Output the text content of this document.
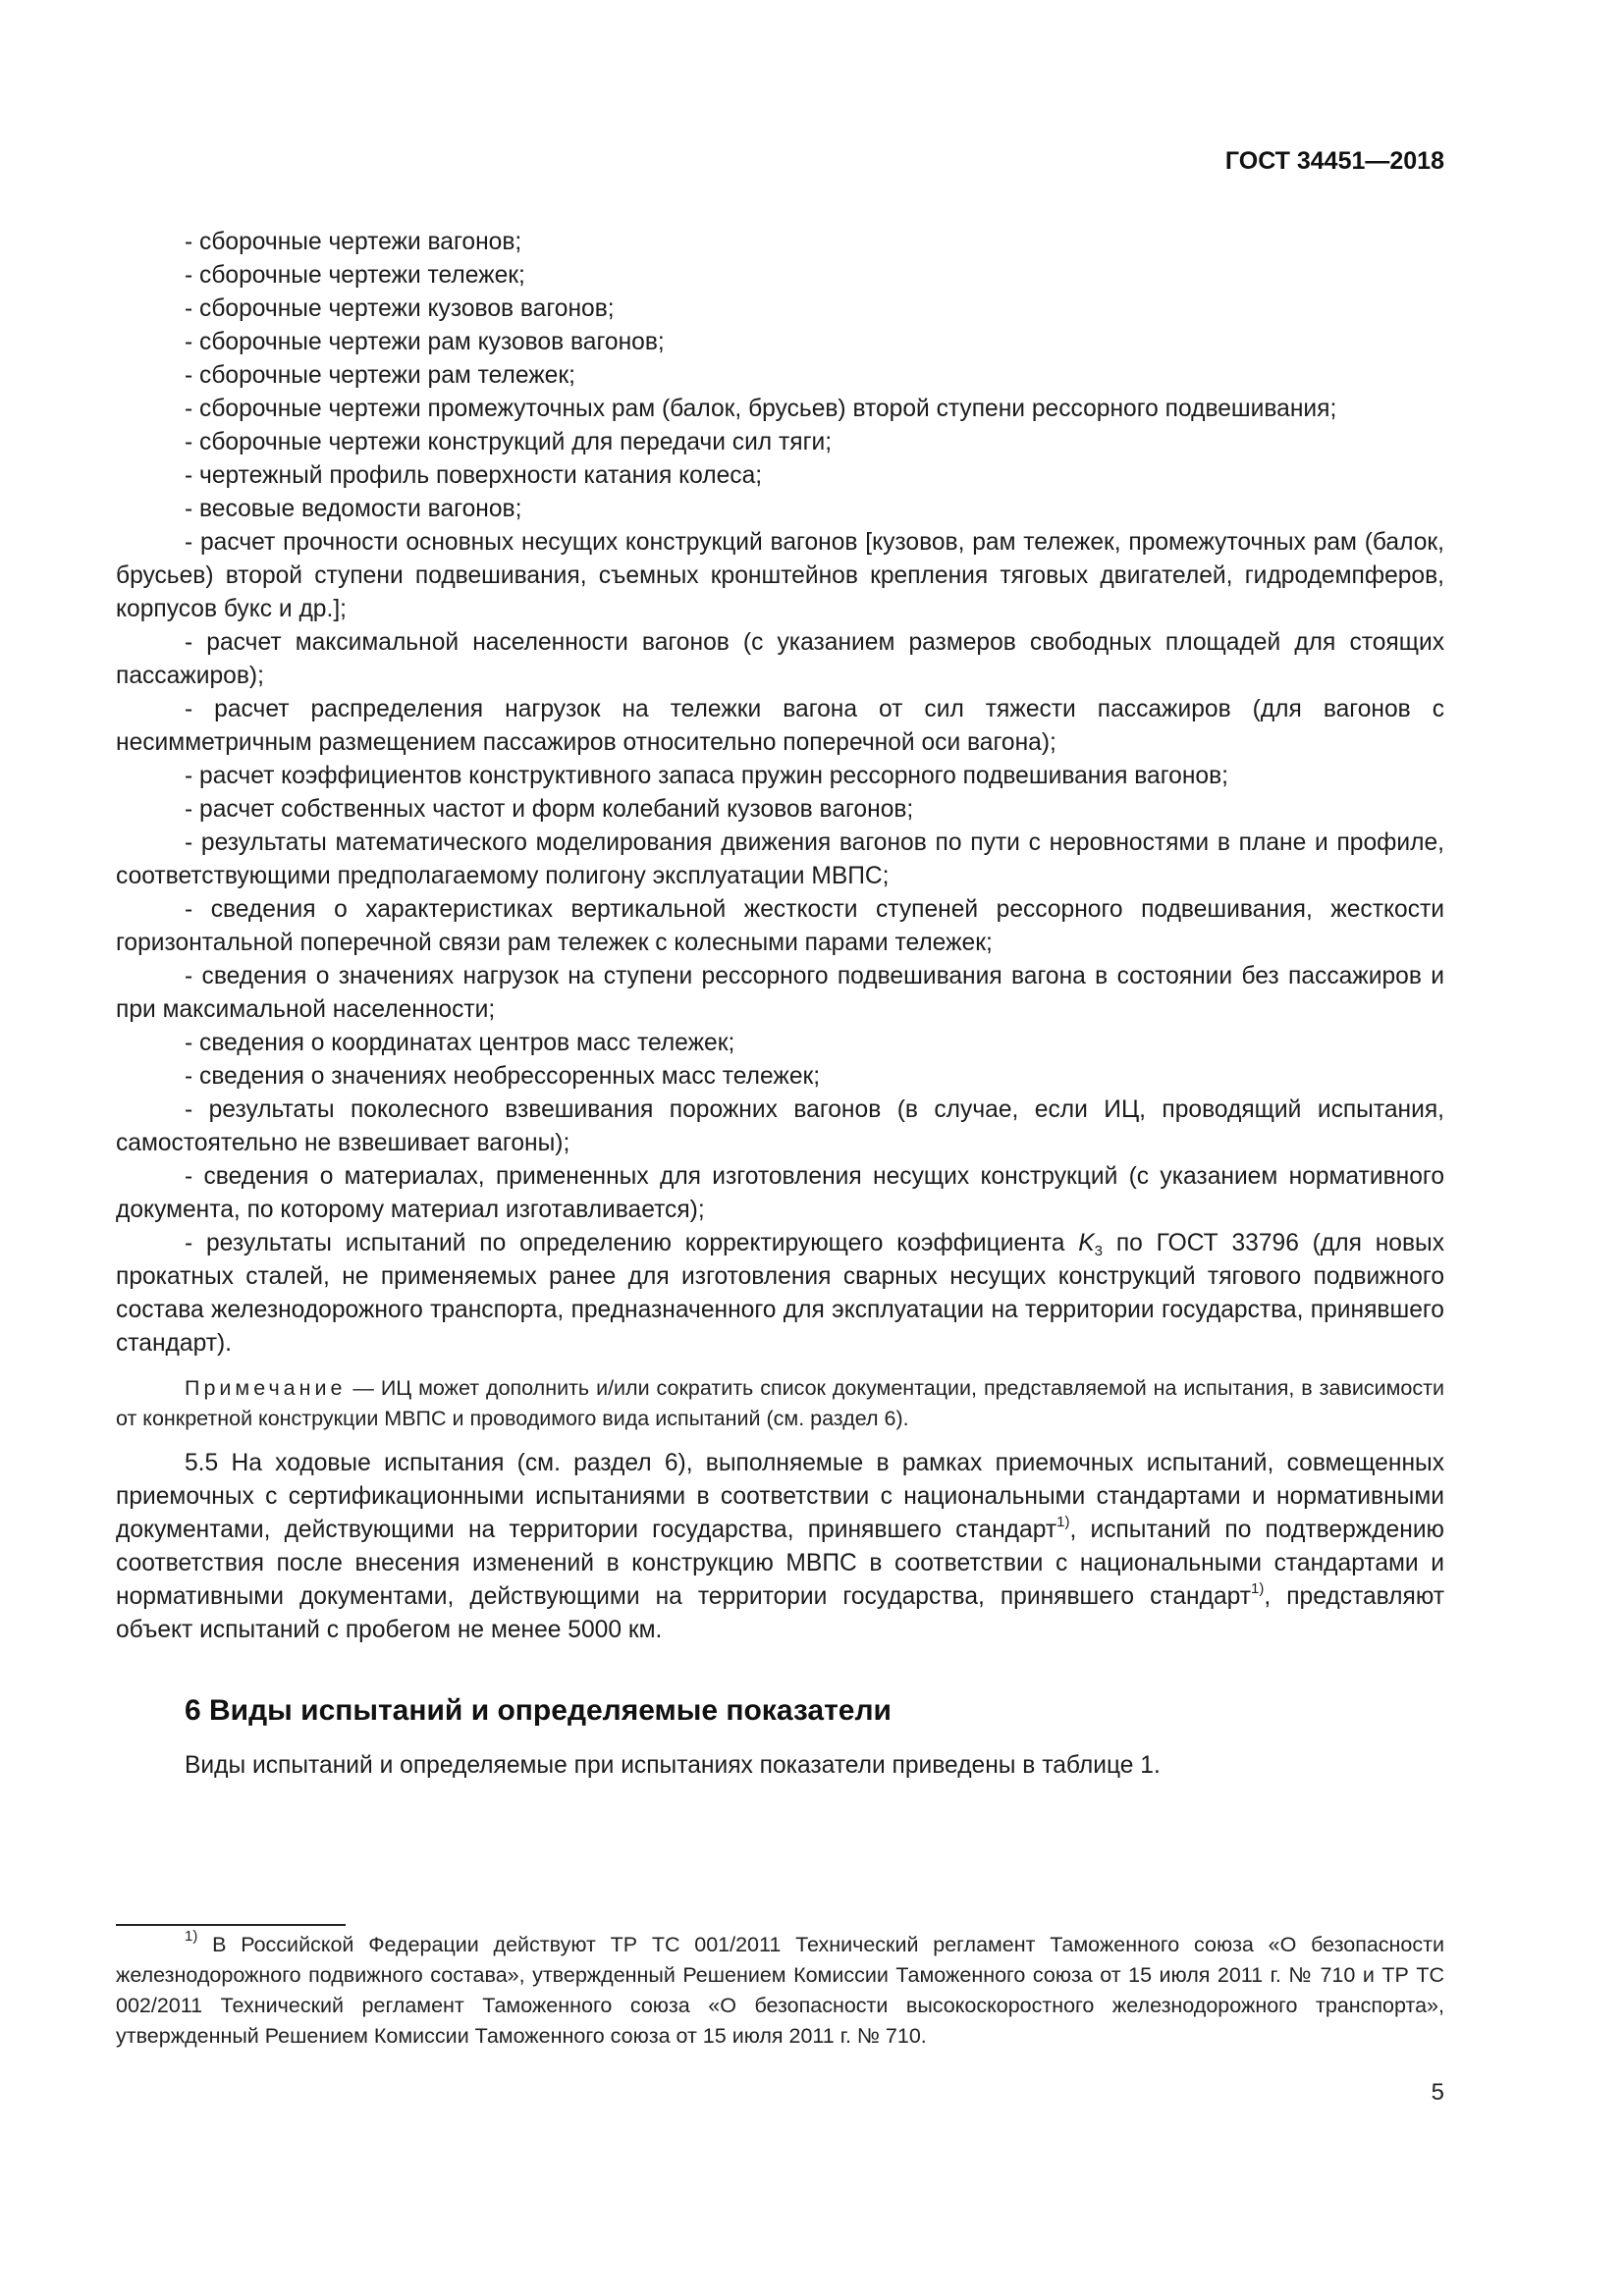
ГОСТ 34451—2018

- сборочные чертежи вагонов;

- сборочные чертежи тележек;

- сборочные чертежи кузовов вагонов;

- сборочные чертежи рам кузовов вагонов;

- сборочные чертежи рам тележек;

- сборочные чертежи промежуточных рам (балок, брусьев) второй ступени рессорного подвешивания;

- сборочные чертежи конструкций для передачи сил тяги;

- чертежный профиль поверхности катания колеса;

- весовые ведомости вагонов;

- расчет прочности основных несущих конструкций вагонов [кузовов, рам тележек, промежуточных рам (балок, брусьев) второй ступени подвешивания, съемных кронштейнов крепления тяговых двигателей, гидродемпферов, корпусов букс и др.];

- расчет максимальной населенности вагонов (с указанием размеров свободных площадей для стоящих пассажиров);

- расчет распределения нагрузок на тележки вагона от сил тяжести пассажиров (для вагонов с несимметричным размещением пассажиров относительно поперечной оси вагона);

- расчет коэффициентов конструктивного запаса пружин рессорного подвешивания вагонов;

- расчет собственных частот и форм колебаний кузовов вагонов;

- результаты математического моделирования движения вагонов по пути с неровностями в плане и профиле, соответствующими предполагаемому полигону эксплуатации МВПС;

- сведения о характеристиках вертикальной жесткости ступеней рессорного подвешивания, жесткости горизонтальной поперечной связи рам тележек с колесными парами тележек;

- сведения о значениях нагрузок на ступени рессорного подвешивания вагона в состоянии без пассажиров и при максимальной населенности;

- сведения о координатах центров масс тележек;

- сведения о значениях необрессоренных масс тележек;

- результаты поколесного взвешивания порожних вагонов (в случае, если ИЦ, проводящий испытания, самостоятельно не взвешивает вагоны);

- сведения о материалах, примененных для изготовления несущих конструкций (с указанием нормативного документа, по которому материал изготавливается);

- результаты испытаний по определению корректирующего коэффициента $K_3$ по ГОСТ 33796 (для новых прокатных сталей, не применяемых ранее для изготовления сварных несущих конструкций тягового подвижного состава железнодорожного транспорта, предназначенного для эксплуатации на территории государства, принявшего стандарт).

Примечание — ИЦ может дополнить и/или сократить список документации, представляемой на испытания, в зависимости от конкретной конструкции МВПС и проводимого вида испытаний (см. раздел 6).

5.5 На ходовые испытания (см. раздел 6), выполняемые в рамках приемочных испытаний, совмещенных приемочных с сертификационными испытаниями в соответствии с национальными стандартами и нормативными документами, действующими на территории государства, принявшего стандарт$^{1)}$, испытаний по подтверждению соответствия после внесения изменений в конструкцию МВПС в соответствии с национальными стандартами и нормативными документами, действующими на территории государства, принявшего стандарт$^{1)}$, представляют объект испытаний с пробегом не менее 5000 км.

6 Виды испытаний и определяемые показатели

Виды испытаний и определяемые при испытаниях показатели приведены в таблице 1.

$^{1)}$ В Российской Федерации действуют ТР ТС 001/2011 Технический регламент Таможенного союза «О безопасности железнодорожного подвижного состава», утвержденный Решением Комиссии Таможенного союза от 15 июля 2011 г. № 710 и ТР ТС 002/2011 Технический регламент Таможенного союза «О безопасности высокоскоростного железнодорожного транспорта», утвержденный Решением Комиссии Таможенного союза от 15 июля 2011 г. № 710.

5
